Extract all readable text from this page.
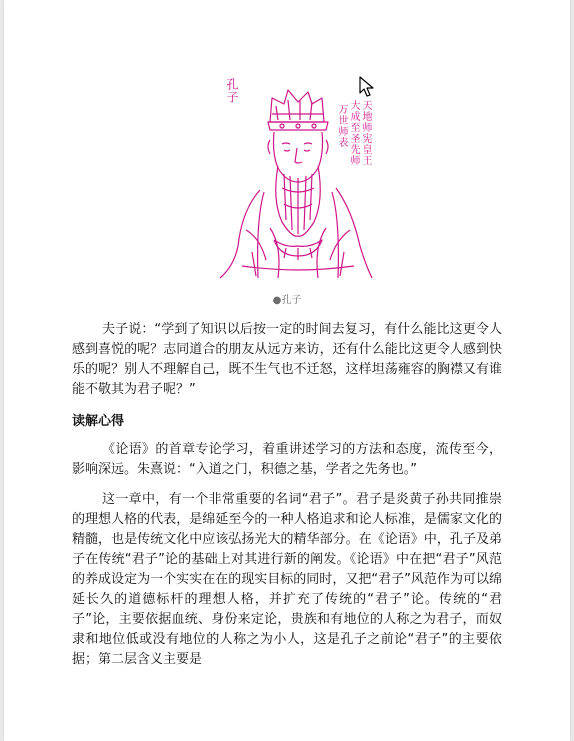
孔子
天地师宪皇王
大成至圣先师
万世师表
●孔子

夫子说：“学到了知识以后按一定的时间去复习，有什么能比这更令人感到喜悦的呢？志同道合的朋友从远方来访，还有什么能比这更令人感到快乐的呢？别人不理解自己，既不生气也不迁怒，这样坦荡雍容的胸襟又有谁能不敬其为君子呢？”

读解心得

《论语》的首章专论学习，着重讲述学习的方法和态度，流传至今，影响深远。朱熹说：“入道之门，积德之基，学者之先务也。”

这一章中，有一个非常重要的名词“君子”。君子是炎黄子孙共同推崇的理想人格的代表，是绵延至今的一种人格追求和论人标准，是儒家文化的精髓，也是传统文化中应该弘扬光大的精华部分。在《论语》中，孔子及弟子在传统“君子”论的基础上对其进行新的阐发。《论语》中在把“君子”风范的养成设定为一个实实在在的现实目标的同时，又把“君子”风范作为可以绵延长久的道德标杆的理想人格，并扩充了传统的“君子”论。传统的“君子”论，主要依据血统、身份来定论，贵族和有地位的人称之为君子，而奴隶和地位低或没有地位的人称之为小人，这是孔子之前论“君子”的主要依据；第二层含义主要是
